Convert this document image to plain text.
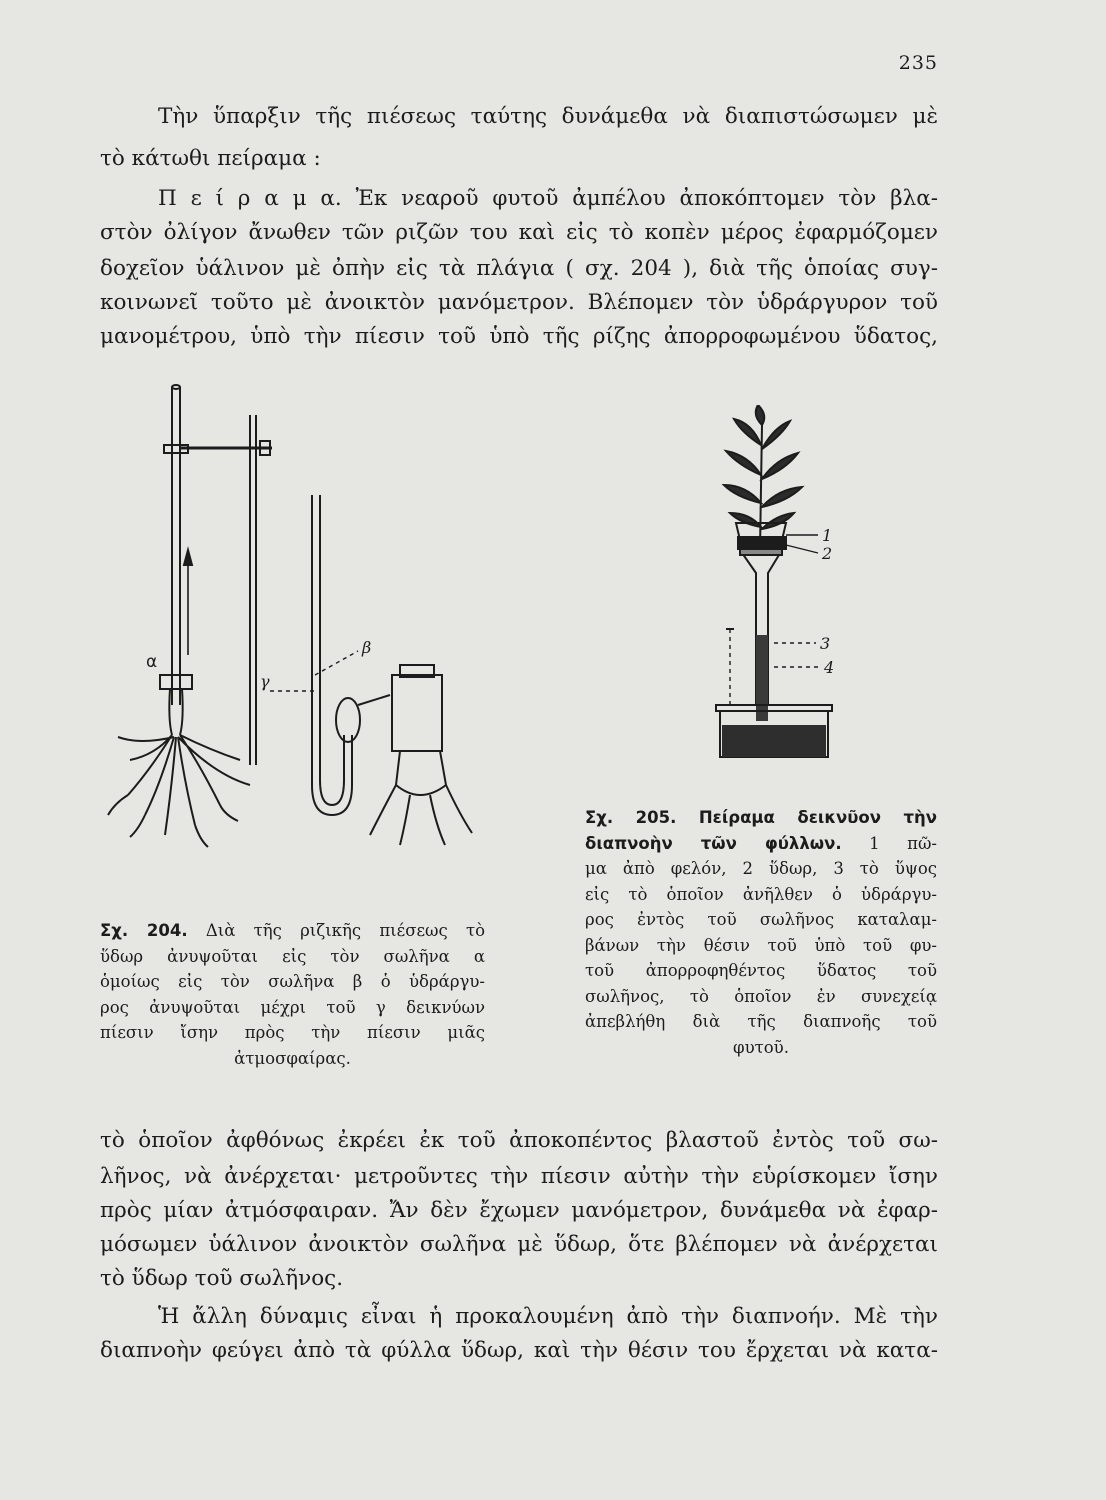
235

Τὴν ὕπαρξιν τῆς πιέσεως ταύτης δυνάμεθα νὰ διαπιστώσωμεν μὲ

τὸ κάτωθι πείραμα :

Π ε ί ρ α μ α. Ἐκ νεαροῦ φυτοῦ ἀμπέλου ἀποκόπτομεν τὸν βλα-

στὸν ὀλίγον ἄνωθεν τῶν ριζῶν του καὶ εἰς τὸ κοπὲν μέρος ἐφαρμόζομεν

δοχεῖον ὑάλινον μὲ ὀπὴν εἰς τὰ πλάγια ( σχ. 204 ), διὰ τῆς ὁποίας συγ-

κοινωνεῖ τοῦτο μὲ ἀνοικτὸν μανόμετρον. Βλέπομεν τὸν ὑδράργυρον τοῦ

μανομέτρου, ὑπὸ τὴν πίεσιν τοῦ ὑπὸ τῆς ρίζης ἀπορροφωμένου ὕδατος,

α
β
γ
1
2
3
4
Σχ. 204. Διὰ τῆς ριζικῆς πιέσεως τὸ
ὕδωρ ἀνυψοῦται εἰς τὸν σωλῆνα α
ὁμοίως εἰς τὸν σωλῆνα β ὁ ὑδράργυ-
ρος ἀνυψοῦται μέχρι τοῦ γ δεικνύων
πίεσιν ἴσην πρὸς τὴν πίεσιν μιᾶς
ἀτμοσφαίρας.
Σχ. 205. Πείραμα δεικνῦον τὴν
διαπνοὴν τῶν φύλλων. 1 πῶ-
μα ἀπὸ φελόν, 2 ὕδωρ, 3 τὸ ὕψος
εἰς τὸ ὁποῖον ἀνῆλθεν ὁ ὑδράργυ-
ρος ἐντὸς τοῦ σωλῆνος καταλαμ-
βάνων τὴν θέσιν τοῦ ὑπὸ τοῦ φυ-
τοῦ ἀπορροφηθέντος ὕδατος τοῦ
σωλῆνος, τὸ ὁποῖον ἐν συνεχείᾳ
ἀπεβλήθη διὰ τῆς διαπνοῆς τοῦ
φυτοῦ.

τὸ ὁποῖον ἀφθόνως ἐκρέει ἐκ τοῦ ἀποκοπέντος βλαστοῦ ἐντὸς τοῦ σω-

λῆνος, νὰ ἀνέρχεται· μετροῦντες τὴν πίεσιν αὐτὴν τὴν εὑρίσκομεν ἴσην

πρὸς μίαν ἀτμόσφαιραν. Ἄν δὲν ἔχωμεν μανόμετρον, δυνάμεθα νὰ ἐφαρ-

μόσωμεν ὑάλινον ἀνοικτὸν σωλῆνα μὲ ὕδωρ, ὅτε βλέπομεν νὰ ἀνέρχεται

τὸ ὕδωρ τοῦ σωλῆνος.

Ἡ ἄλλη δύναμις εἶναι ἡ προκαλουμένη ἀπὸ τὴν διαπνοήν. Μὲ τὴν

διαπνοὴν φεύγει ἀπὸ τὰ φύλλα ὕδωρ, καὶ τὴν θέσιν του ἔρχεται νὰ κατα-
